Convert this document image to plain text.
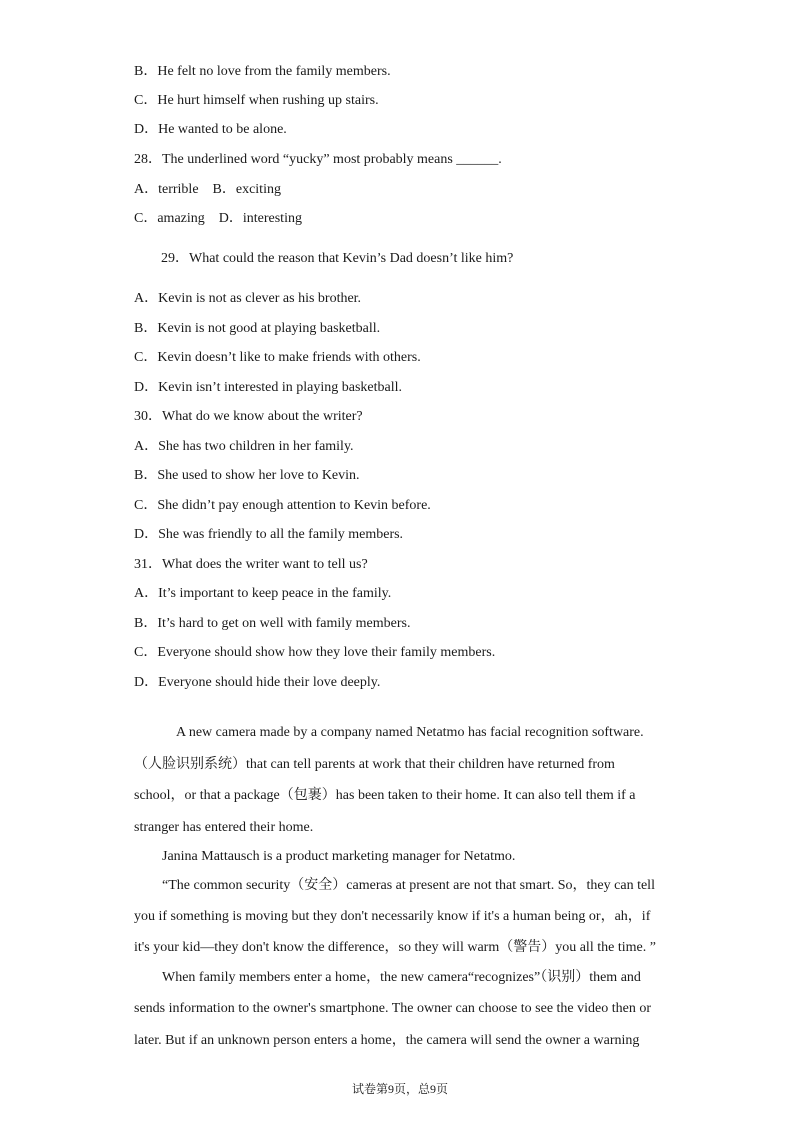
B．He felt no love from the family members.
C．He hurt himself when rushing up stairs.
D．He wanted to be alone.
28．The underlined word “yucky” most probably means ______.
A．terrible    B．exciting
C．amazing    D．interesting
29．What could the reason that Kevin’s Dad doesn’t like him?
A．Kevin is not as clever as his brother.
B．Kevin is not good at playing basketball.
C．Kevin doesn’t like to make friends with others.
D．Kevin isn’t interested in playing basketball.
30．What do we know about the writer?
A．She has two children in her family.
B．She used to show her love to Kevin.
C．She didn’t pay enough attention to Kevin before.
D．She was friendly to all the family members.
31．What does the writer want to tell us?
A．It’s important to keep peace in the family.
B．It’s hard to get on well with family members.
C．Everyone should show how they love their family members.
D．Everyone should hide their love deeply.
A new camera made by a company named Netatmo has facial recognition software.
（人脸识别系统）that can tell parents at work that their children have returned from
school，or that a package（包裹）has been taken to their home. It can also tell them if a
stranger has entered their home.
Janina Mattausch is a product marketing manager for Netatmo.
“The common security（安全）cameras at present are not that smart. So，they can tell
you if something is moving but they don't necessarily know if it's a human being or，ah，if
it's your kid—they don't know the difference，so they will warm（警告）you all the time. ”
When family members enter a home，the new camera“recognizes”（识别）them and
sends information to the owner's smartphone. The owner can choose to see the video then or
later. But if an unknown person enters a home，the camera will send the owner a warning
试卷第9页，总9页
